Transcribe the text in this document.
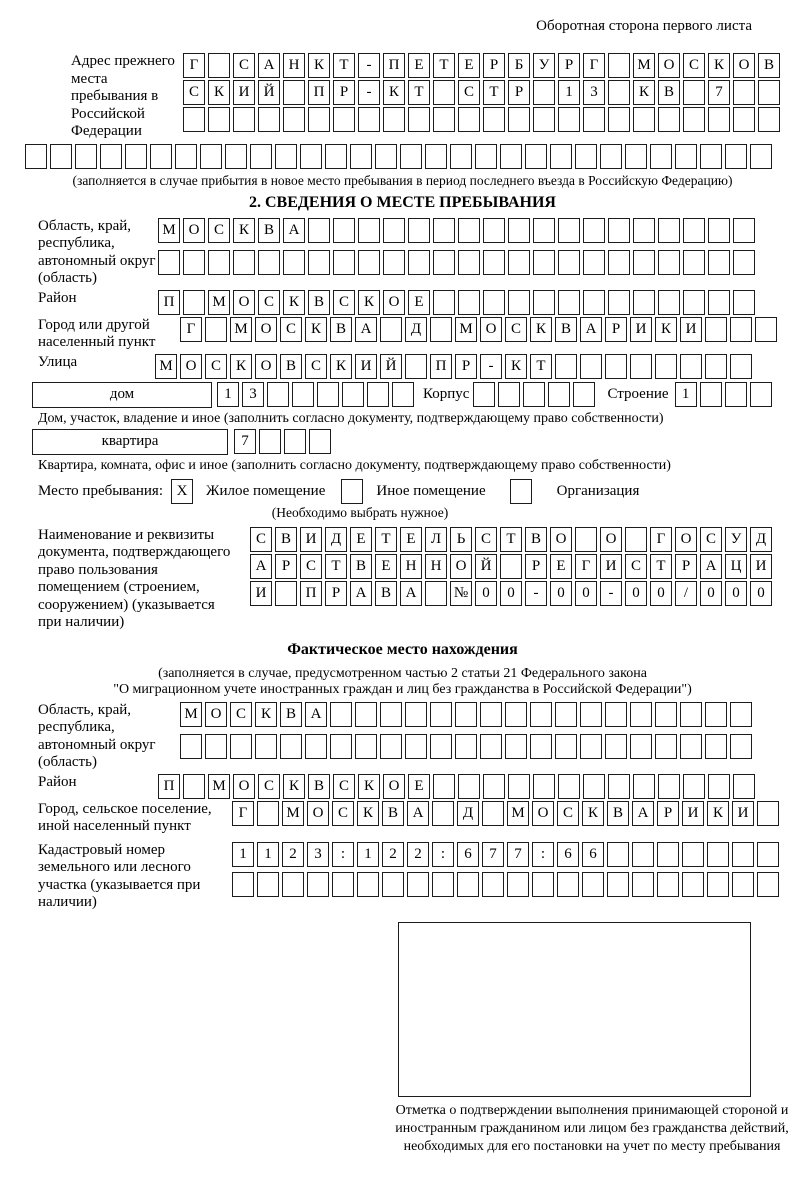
Оборотная сторона первого листа
Адрес прежнего места пребывания в Российской Федерации
Г	С А Н К	Т	-	П Е	Т	Е	Р	Б	У	Р	Г	М О С К О В
С К И Й	П	Р	-	К	Т	С	Т	Р	1	3	К В	7
(заполняется в случае прибытия в новое место пребывания в период последнего въезда в Российскую Федерацию)
2. СВЕДЕНИЯ О МЕСТЕ ПРЕБЫВАНИЯ
Область, край, республика, автономный округ (область)
М О С К В А
Район	П	М О С К В С К О Е
Город или другой населенный пункт
Г	М О С К В А	Д	М О С К В А	Р	И К И
Улица	М О С К О В С К И Й	П	Р	-	К	Т
дом	1	3	Корпус	Строение 1
Дом, участок, владение и иное (заполнить согласно документу, подтверждающему право собственности)
квартира	7
Квартира, комната, офис и иное (заполнить согласно документу, подтверждающему право собственности)
Место пребывания: X	Жилое помещение	Иное помещение	Организация
(Необходимо выбрать нужное)
Наименование и реквизиты документа, подтверждающего право пользования помещением (строением, сооружением) (указывается при наличии)
С В И Д	Е	Т	Е	Л	Ь	С	Т	В О	О	Г	О С У Д
А	Р	С	Т	В	Е	Н Н О Й	Р	Е	Г	И С	Т	Р	А Ц И
И	П	Р	А В А	№ 0	0	-	0	0	-	0	0	/	0	0	0
Фактическое место нахождения
(заполняется в случае, предусмотренном частью 2 статьи 21 Федерального закона
"О миграционном учете иностранных граждан и лиц без гражданства в Российской Федерации")
Область, край, республика, автономный округ (область)
М О С К В А
Район	П	М О С К В С К О Е
Город, сельское поселение, иной населенный пункт
Г	М О С К В А	Д	М О С К В А	Р	И К И
Кадастровый номер земельного или лесного участка (указывается при наличии)
1	1	2	3	:	1	2	2	:	6	7	7	:	6	6
Отметка о подтверждении выполнения принимающей стороной и иностранным гражданином или лицом без гражданства действий, необходимых для его постановки на учет по месту пребывания
